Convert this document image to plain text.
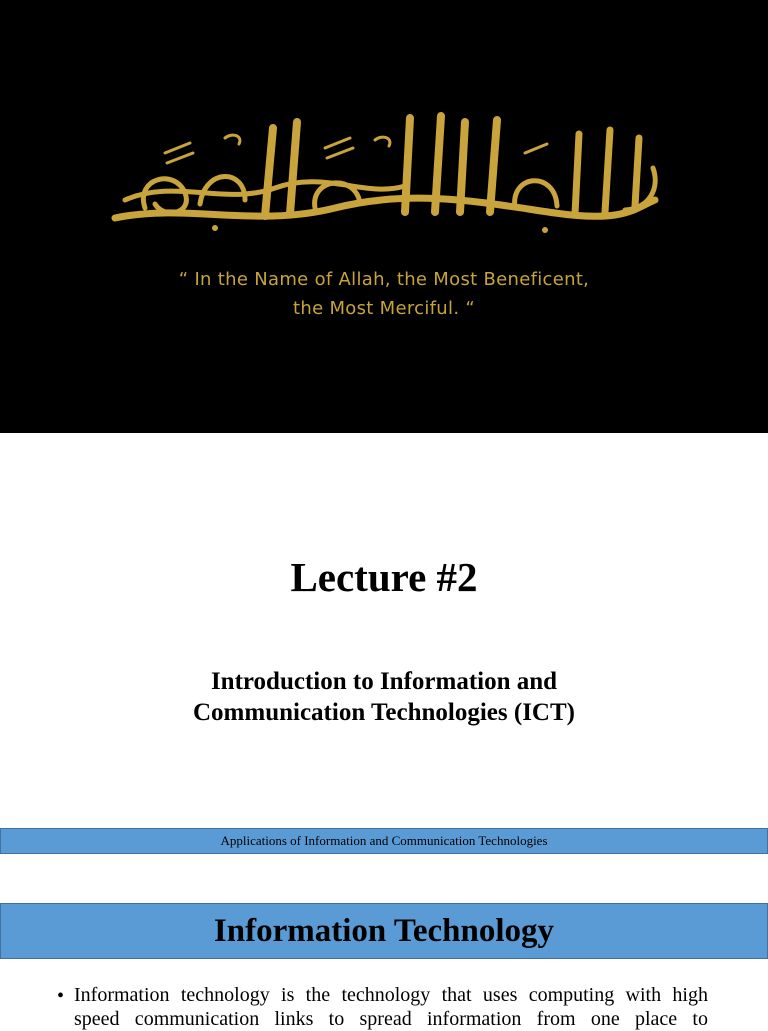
“ In the Name of Allah, the Most Beneficent,
the Most Merciful. “
Lecture #2
Introduction to Information and
Communication Technologies (ICT)
Applications of Information and Communication Technologies
Information Technology
• Information technology is the technology that uses computing with high
speed communication links to spread information from one place to
